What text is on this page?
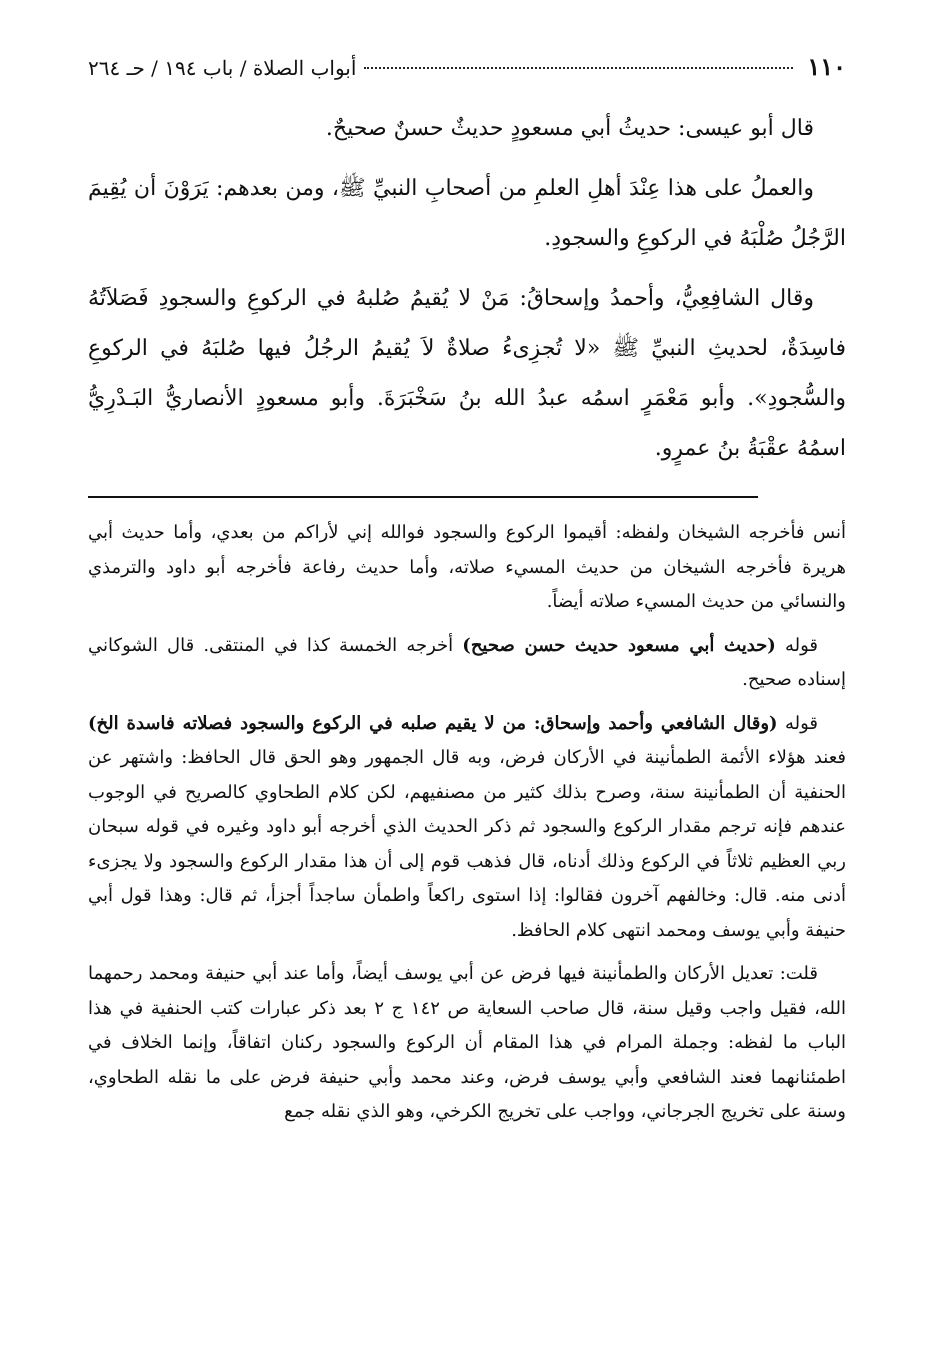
١١٠
أبواب الصلاة / باب ١٩٤ / حـ ٢٦٤

قال أبو عيسى: حديثُ أبي مسعودٍ حديثٌ حسنٌ صحيحٌ.

والعملُ على هذا عِنْدَ أهلِ العلمِ من أصحابِ النبيِّ ﷺ، ومن بعدهم: يَرَوْنَ أن يُقِيمَ الرَّجُلُ صُلْبَهُ في الركوعِ والسجودِ.

وقال الشافِعِيُّ، وأحمدُ وإسحاقُ: مَنْ لا يُقيمُ صُلبهُ في الركوعِ والسجودِ فَصَلاَتُهُ فاسِدَةٌ، لحديثِ النبيِّ ﷺ «لا تُجزِىءُ صلاةٌ لاَ يُقيمُ الرجُلُ فيها صُلبَهُ في الركوعِ والسُّجودِ». وأبو مَعْمَرٍ اسمُه عبدُ الله بنُ سَخْبَرَةَ. وأبو مسعودٍ الأنصاريُّ البَـدْرِيُّ اسمُهُ عقْبَةُ بنُ عمرٍو.

أنس فأخرجه الشيخان ولفظه: أقيموا الركوع والسجود فوالله إني لأراكم من بعدي، وأما حديث أبي هريرة فأخرجه الشيخان من حديث المسيء صلاته، وأما حديث رفاعة فأخرجه أبو داود والترمذي والنسائي من حديث المسيء صلاته أيضاً.

قوله (حديث أبي مسعود حديث حسن صحيح) أخرجه الخمسة كذا في المنتقى. قال الشوكاني إسناده صحيح.

قوله (وقال الشافعي وأحمد وإسحاق: من لا يقيم صلبه في الركوع والسجود فصلاته فاسدة الخ) فعند هؤلاء الأئمة الطمأنينة في الأركان فرض، وبه قال الجمهور وهو الحق قال الحافظ: واشتهر عن الحنفية أن الطمأنينة سنة، وصرح بذلك كثير من مصنفيهم، لكن كلام الطحاوي كالصريح في الوجوب عندهم فإنه ترجم مقدار الركوع والسجود ثم ذكر الحديث الذي أخرجه أبو داود وغيره في قوله سبحان ربي العظيم ثلاثاً في الركوع وذلك أدناه، قال فذهب قوم إلى أن هذا مقدار الركوع والسجود ولا يجزىء أدنى منه. قال: وخالفهم آخرون فقالوا: إذا استوى راكعاً واطمأن ساجداً أجزأ، ثم قال: وهذا قول أبي حنيفة وأبي يوسف ومحمد انتهى كلام الحافظ.

قلت: تعديل الأركان والطمأنينة فيها فرض عن أبي يوسف أيضاً، وأما عند أبي حنيفة ومحمد رحمهما الله، فقيل واجب وقيل سنة، قال صاحب السعاية ص ١٤٢ ج ٢ بعد ذكر عبارات كتب الحنفية في هذا الباب ما لفظه: وجملة المرام في هذا المقام أن الركوع والسجود ركنان اتفاقاً، وإنما الخلاف في اطمئنانهما فعند الشافعي وأبي يوسف فرض، وعند محمد وأبي حنيفة فرض على ما نقله الطحاوي، وسنة على تخريج الجرجاني، وواجب على تخريج الكرخي، وهو الذي نقله جمع
